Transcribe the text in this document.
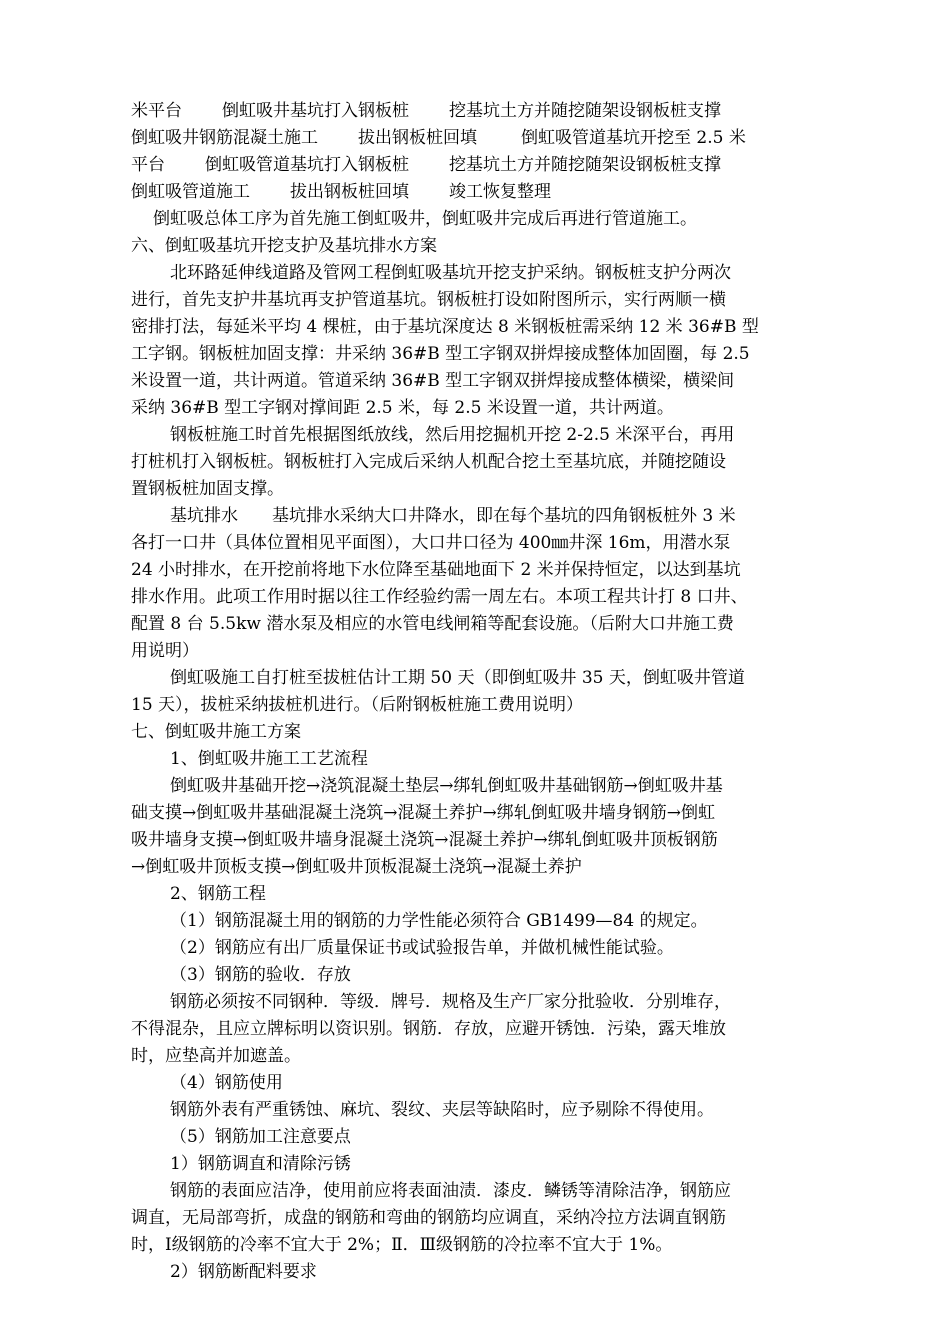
米平台 倒虹吸井基坑打入钢板桩 挖基坑土方并随挖随架设钢板桩支撑
倒虹吸井钢筋混凝土施工 拔出钢板桩回填	倒虹吸管道基坑开挖至 2.5 米
平台 倒虹吸管道基坑打入钢板桩 挖基坑土方并随挖随架设钢板桩支撑
倒虹吸管道施工 拔出钢板桩回填 竣工恢复整理
倒虹吸总体工序为首先施工倒虹吸井，倒虹吸井完成后再进行管道施工。
六、倒虹吸基坑开挖支护及基坑排水方案
北环路延伸线道路及管网工程倒虹吸基坑开挖支护采纳。钢板桩支护分两次
进行，首先支护井基坑再支护管道基坑。钢板桩打设如附图所示，实行两顺一横
密排打法，每延米平均 4 棵桩，由于基坑深度达 8 米钢板桩需采纳 12 米 36#B 型
工字钢。钢板桩加固支撑：井采纳 36#B 型工字钢双拼焊接成整体加固圈，每 2.5
米设置一道，共计两道。管道采纳 36#B 型工字钢双拼焊接成整体横梁，横梁间
采纳 36#B 型工字钢对撑间距 2.5 米，每 2.5 米设置一道，共计两道。
钢板桩施工时首先根据图纸放线，然后用挖掘机开挖 2-2.5 米深平台，再用
打桩机打入钢板桩。钢板桩打入完成后采纳人机配合挖土至基坑底，并随挖随设
置钢板桩加固支撑。
基坑排水　　基坑排水采纳大口井降水，即在每个基坑的四角钢板桩外 3 米
各打一口井（具体位置相见平面图），大口井口径为 400㎜井深 16m，用潜水泵
24 小时排水，在开挖前将地下水位降至基础地面下 2 米并保持恒定，以达到基坑
排水作用。此项工作用时据以往工作经验约需一周左右。本项工程共计打 8 口井、
配置 8 台 5.5kw 潜水泵及相应的水管电线闸箱等配套设施。（后附大口井施工费
用说明）
倒虹吸施工自打桩至拔桩估计工期 50 天（即倒虹吸井 35 天，倒虹吸井管道
15 天），拔桩采纳拔桩机进行。（后附钢板桩施工费用说明）
七、倒虹吸井施工方案
1、倒虹吸井施工工艺流程
倒虹吸井基础开挖→浇筑混凝土垫层→绑轧倒虹吸井基础钢筋→倒虹吸井基
础支摸→倒虹吸井基础混凝土浇筑→混凝土养护→绑轧倒虹吸井墙身钢筋→倒虹
吸井墙身支摸→倒虹吸井墙身混凝土浇筑→混凝土养护→绑轧倒虹吸井顶板钢筋
→倒虹吸井顶板支摸→倒虹吸井顶板混凝土浇筑→混凝土养护
2、钢筋工程
（1）钢筋混凝土用的钢筋的力学性能必须符合 GB1499—84 的规定。
（2）钢筋应有出厂质量保证书或试验报告单，并做机械性能试验。
（3）钢筋的验收．存放
钢筋必须按不同钢种．等级．牌号．规格及生产厂家分批验收．分别堆存，
不得混杂，且应立牌标明以资识别。钢筋．存放，应避开锈蚀．污染，露天堆放
时，应垫高并加遮盖。
（4）钢筋使用
钢筋外表有严重锈蚀、麻坑、裂纹、夹层等缺陷时，应予剔除不得使用。
（5）钢筋加工注意要点
1）钢筋调直和清除污锈
钢筋的表面应洁净，使用前应将表面油渍．漆皮．鳞锈等清除洁净，钢筋应
调直，无局部弯折，成盘的钢筋和弯曲的钢筋均应调直，采纳冷拉方法调直钢筋
时，Ⅰ级钢筋的冷率不宜大于 2%；Ⅱ．Ⅲ级钢筋的冷拉率不宜大于 1%。
2）钢筋断配料要求
